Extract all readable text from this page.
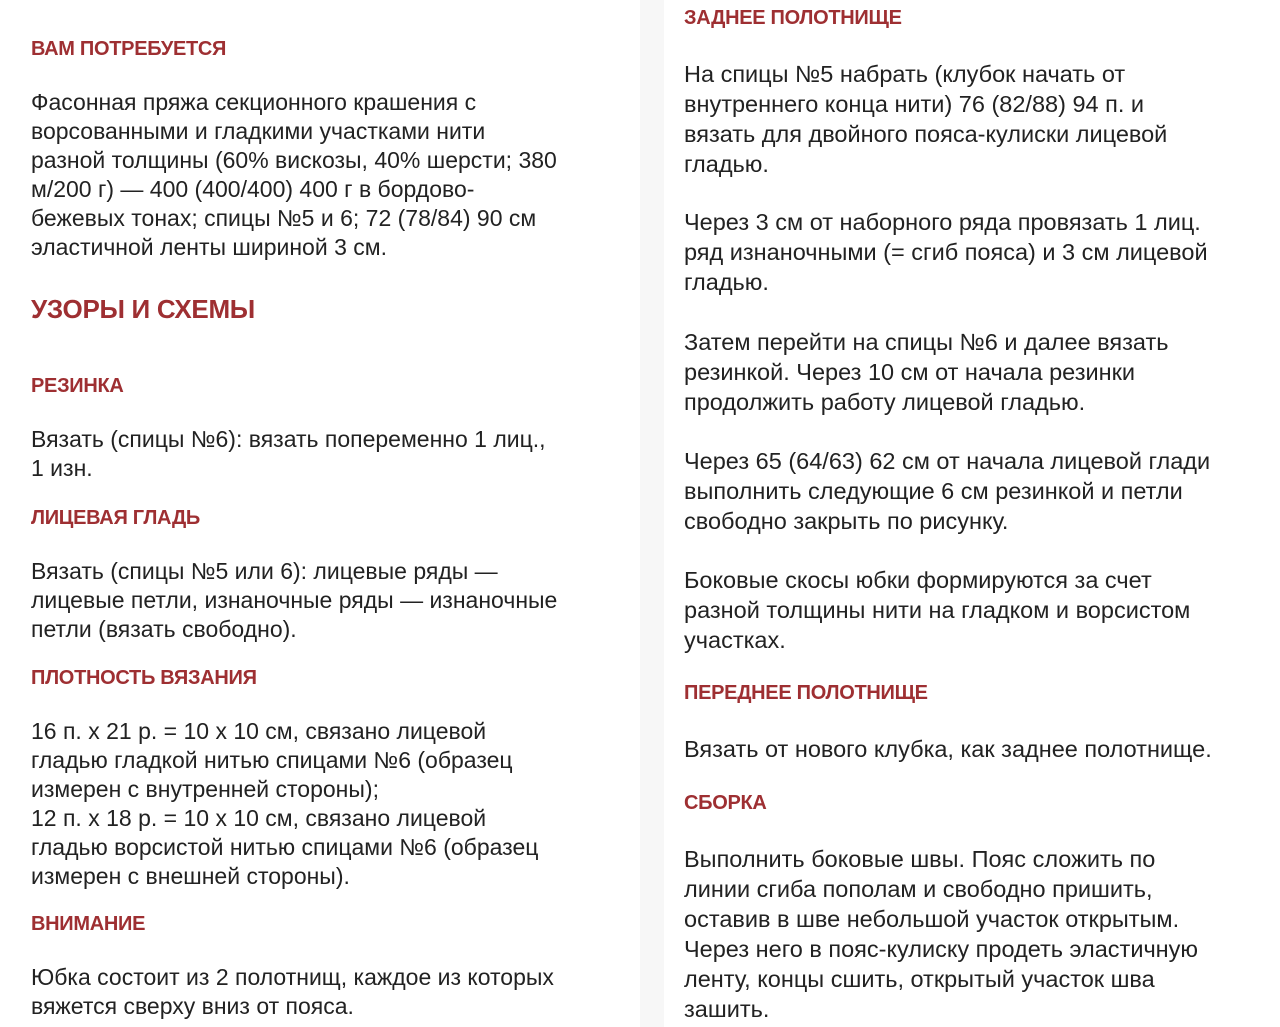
ВАМ ПОТРЕБУЕТСЯ

Фасонная пряжа секционного крашения с
ворсованными и гладкими участками нити
разной толщины (60% вискозы, 40% шерсти; 380
м/200 г) — 400 (400/400) 400 г в бордово-
бежевых тонах; спицы №5 и 6; 72 (78/84) 90 см
эластичной ленты шириной 3 см.

УЗОРЫ И СХЕМЫ
РЕЗИНКА

Вязать (спицы №6): вязать попеременно 1 лиц.,
1 изн.

ЛИЦЕВАЯ ГЛАДЬ

Вязать (спицы №5 или 6): лицевые ряды —
лицевые петли, изнаночные ряды — изнаночные
петли (вязать свободно).

ПЛОТНОСТЬ ВЯЗАНИЯ

16 п. х 21 р. = 10 х 10 см, связано лицевой
гладью гладкой нитью спицами №6 (образец
измерен с внутренней стороны);
12 п. х 18 р. = 10 х 10 см, связано лицевой
гладью ворсистой нитью спицами №6 (образец
измерен с внешней стороны).

ВНИМАНИЕ

Юбка состоит из 2 полотнищ, каждое из которых
вяжется сверху вниз от пояса.

ЗАДНЕЕ ПОЛОТНИЩЕ

На спицы №5 набрать (клубок начать от
внутреннего конца нити) 76 (82/88) 94 п. и
вязать для двойного пояса-кулиски лицевой
гладью.

Через 3 см от наборного ряда провязать 1 лиц.
ряд изнаночными (= сгиб пояса) и 3 см лицевой
гладью.

Затем перейти на спицы №6 и далее вязать
резинкой. Через 10 см от начала резинки
продолжить работу лицевой гладью.

Через 65 (64/63) 62 см от начала лицевой глади
выполнить следующие 6 см резинкой и петли
свободно закрыть по рисунку.

Боковые скосы юбки формируются за счет
разной толщины нити на гладком и ворсистом
участках.

ПЕРЕДНЕЕ ПОЛОТНИЩЕ

Вязать от нового клубка, как заднее полотнище.

СБОРКА

Выполнить боковые швы. Пояс сложить по
линии сгиба пополам и свободно пришить,
оставив в шве небольшой участок открытым.
Через него в пояс-кулиску продеть эластичную
ленту, концы сшить, открытый участок шва
зашить.
